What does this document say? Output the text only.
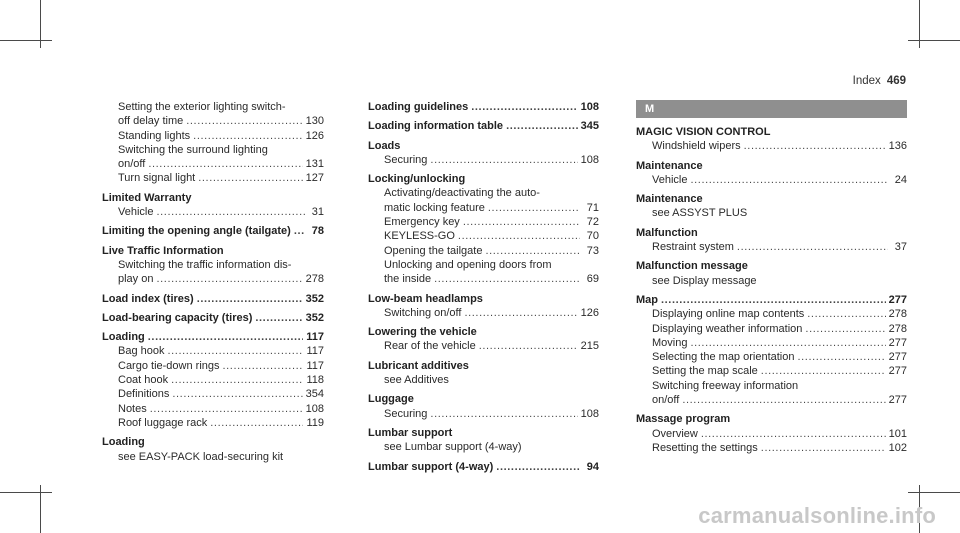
Index 469
Setting the exterior lighting switch-
off delay time .....	130
Standing lights .....	126
Switching the surround lighting
on/off .....	131
Turn signal light .....	127
Limited Warranty
Vehicle .....	31
Limiting the opening angle (tailgate) .....	78
Live Traffic Information
Switching the traffic information dis-
play on .....	278
Load index (tires) .....	352
Load-bearing capacity (tires) .....	352
Loading .....	117
Bag hook .....	117
Cargo tie-down rings .....	117
Coat hook .....	118
Definitions .....	354
Notes .....	108
Roof luggage rack .....	119
Loading
see EASY-PACK load-securing kit
Loading guidelines .....	108
Loading information table .....	345
Loads
Securing .....	108
Locking/unlocking
Activating/deactivating the auto-
matic locking feature .....	71
Emergency key .....	72
KEYLESS-GO .....	70
Opening the tailgate .....	73
Unlocking and opening doors from
the inside .....	69
Low-beam headlamps
Switching on/off .....	126
Lowering the vehicle
Rear of the vehicle .....	215
Lubricant additives
see Additives
Luggage
Securing .....	108
Lumbar support
see Lumbar support (4-way)
Lumbar support (4-way) .....	94
M
MAGIC VISION CONTROL
Windshield wipers .....	136
Maintenance
Vehicle .....	24
Maintenance
see ASSYST PLUS
Malfunction
Restraint system .....	37
Malfunction message
see Display message
Map .....	277
Displaying online map contents .....	278
Displaying weather information .....	278
Moving .....	277
Selecting the map orientation .....	277
Setting the map scale .....	277
Switching freeway information
on/off .....	277
Massage program
Overview .....	101
Resetting the settings .....	102
carmanualsonline.info
